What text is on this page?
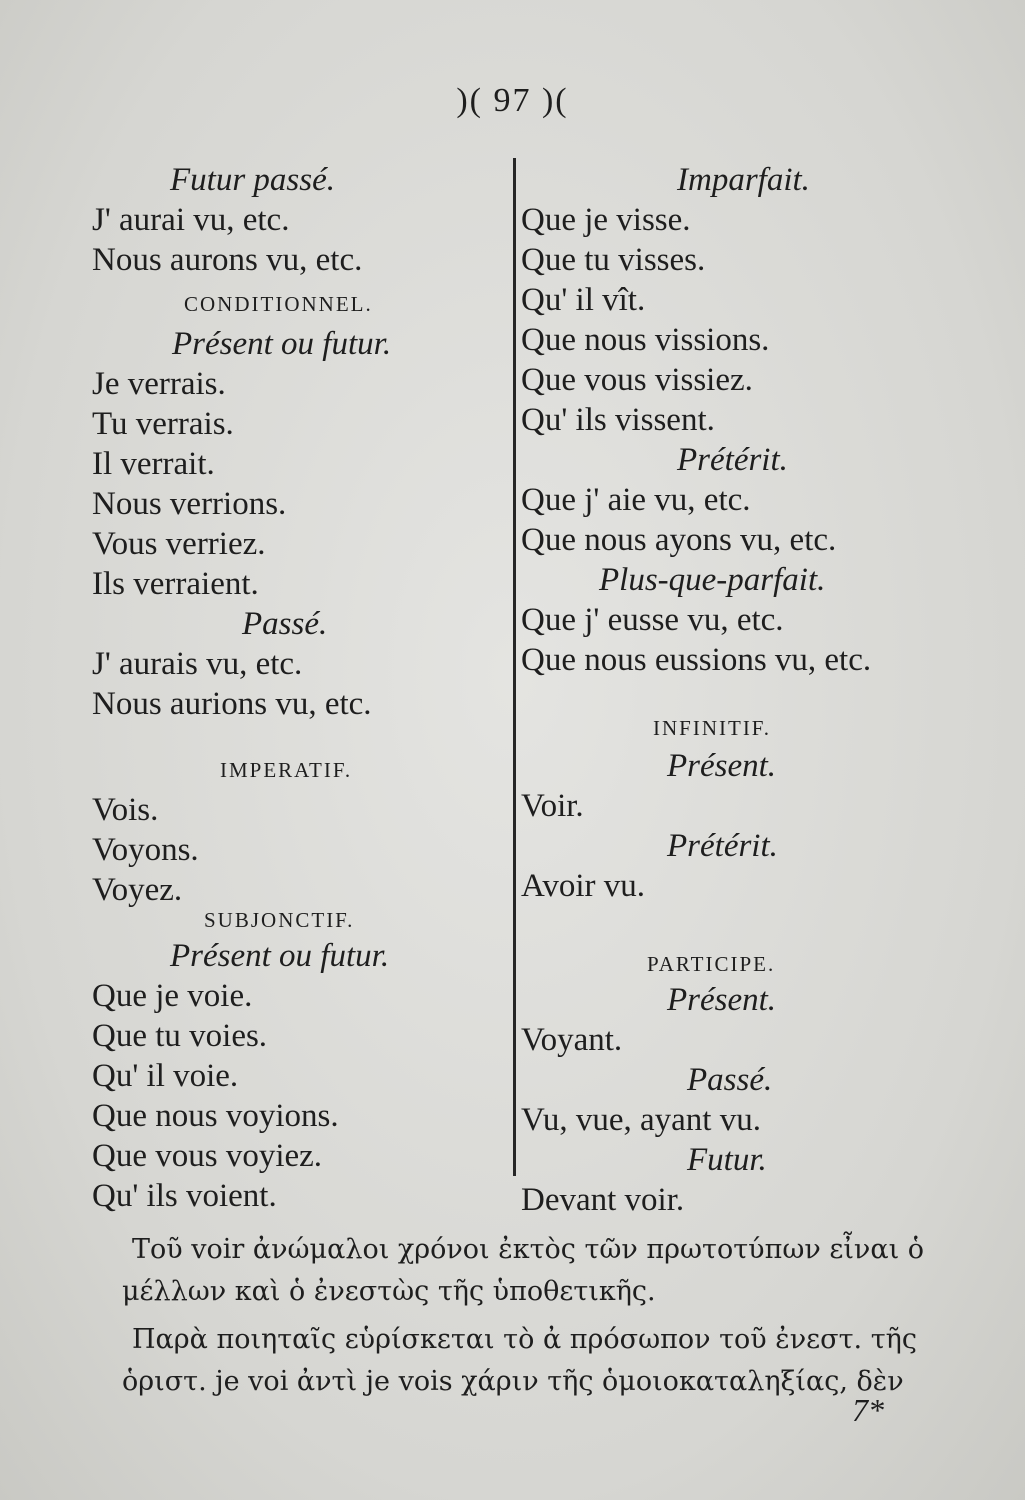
)( 97 )(
Futur passé.
J' aurai vu, etc.
Nous aurons vu, etc.
CONDITIONNEL.
Présent ou futur.
Je verrais.
Tu verrais.
Il verrait.
Nous verrions.
Vous verriez.
Ils verraient.
Passé.
J' aurais vu, etc.
Nous aurions vu, etc.
IMPERATIF.
Vois.
Voyons.
Voyez.
SUBJONCTIF.
Présent ou futur.
Que je voie.
Que tu voies.
Qu' il voie.
Que nous voyions.
Que vous voyiez.
Qu' ils voient.
Imparfait.
Que je visse.
Que tu visses.
Qu' il vît.
Que nous vissions.
Que vous vissiez.
Qu' ils vissent.
Prétérit.
Que j' aie vu, etc.
Que nous ayons vu, etc.
Plus-que-parfait.
Que j' eusse vu, etc.
Que nous eussions vu, etc.
INFINITIF.
Présent.
Voir.
Prétérit.
Avoir vu.
PARTICIPE.
Présent.
Voyant.
Passé.
Vu, vue, ayant vu.
Futur.
Devant voir.
Τοῦ voir ἀνώμαλοι χρόνοι ἐκτὸς τῶν πρωτοτύπων εἶναι ὁ
μέλλων καὶ ὁ ἐνεστὼς τῆς ὑποθετικῆς.
Παρὰ ποιηταῖς εὑρίσκεται τὸ ἀ πρόσωπον τοῦ ἐνεστ. τῆς
ὁριστ. je voi ἀντὶ je vois χάριν τῆς ὁμοιοκαταληξίας, δὲν
7*
